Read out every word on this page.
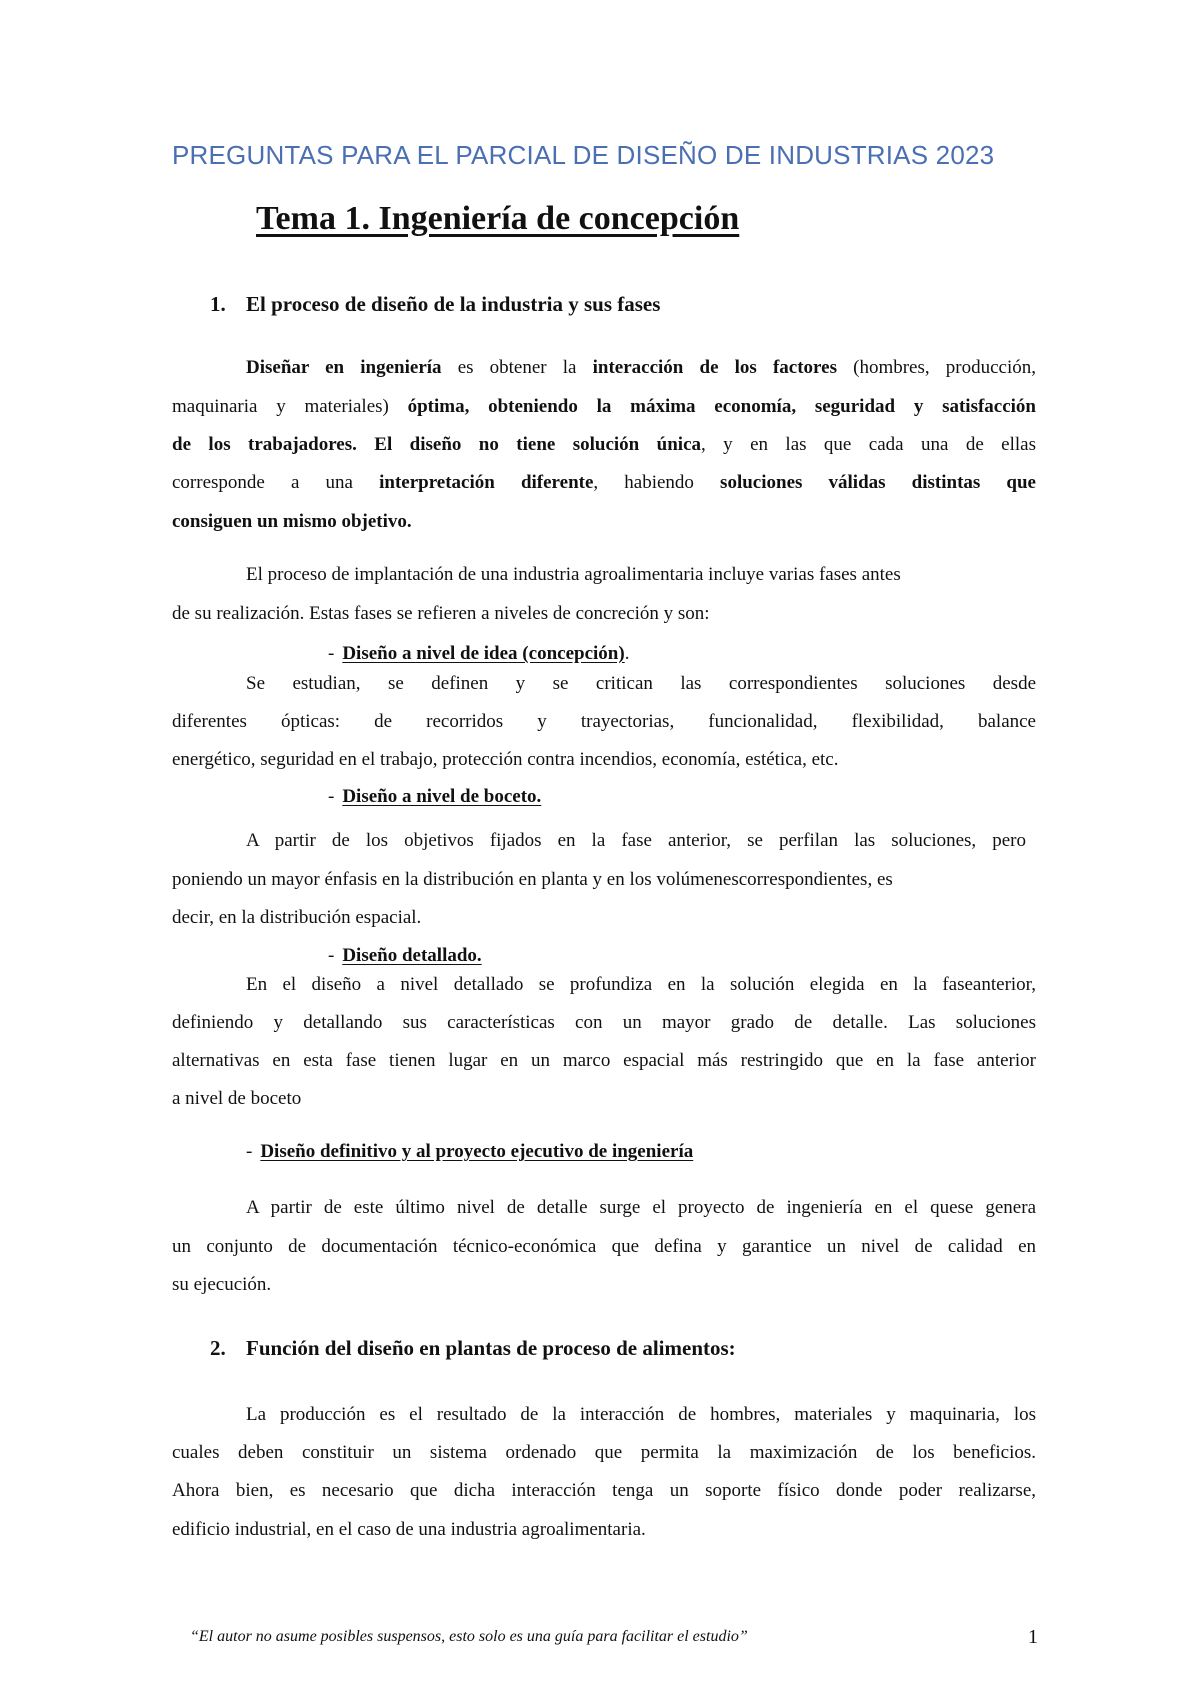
PREGUNTAS PARA EL PARCIAL DE DISEÑO DE INDUSTRIAS 2023
Tema 1. Ingeniería de concepción
1. El proceso de diseño de la industria y sus fases
Diseñar en ingeniería es obtener la interacción de los factores (hombres, producción,
maquinaria y materiales) óptima, obteniendo la máxima economía, seguridad y satisfacción
de los trabajadores. El diseño no tiene solución única, y en las que cada una de ellas
corresponde a una interpretación diferente, habiendo soluciones válidas distintas que
consiguen un mismo objetivo.
El proceso de implantación de una industria agroalimentaria incluye varias fases antes
de su realización. Estas fases se refieren a niveles de concreción y son:
- Diseño a nivel de idea (concepción).
Se estudian, se definen y se critican las correspondientes soluciones desde
diferentes ópticas: de recorridos y trayectorias, funcionalidad, flexibilidad, balance
energético, seguridad en el trabajo, protección contra incendios, economía, estética, etc.
- Diseño a nivel de boceto.
A partir de los objetivos fijados en la fase anterior, se perfilan las soluciones, pero
poniendo un mayor énfasis en la distribución en planta y en los volúmenescorrespondientes, es
decir, en la distribución espacial.
- Diseño detallado.
En el diseño a nivel detallado se profundiza en la solución elegida en la faseanterior,
definiendo y detallando sus características con un mayor grado de detalle. Las soluciones
alternativas en esta fase tienen lugar en un marco espacial más restringido que en la fase anterior
a nivel de boceto
- Diseño definitivo y al proyecto ejecutivo de ingeniería
A partir de este último nivel de detalle surge el proyecto de ingeniería en el quese genera
un conjunto de documentación técnico-económica que defina y garantice un nivel de calidad en
su ejecución.
2. Función del diseño en plantas de proceso de alimentos:
La producción es el resultado de la interacción de hombres, materiales y maquinaria, los
cuales deben constituir un sistema ordenado que permita la maximización de los beneficios.
Ahora bien, es necesario que dicha interacción tenga un soporte físico donde poder realizarse,
edificio industrial, en el caso de una industria agroalimentaria.
“El autor no asume posibles suspensos, esto solo es una guía para facilitar el estudio”	1
